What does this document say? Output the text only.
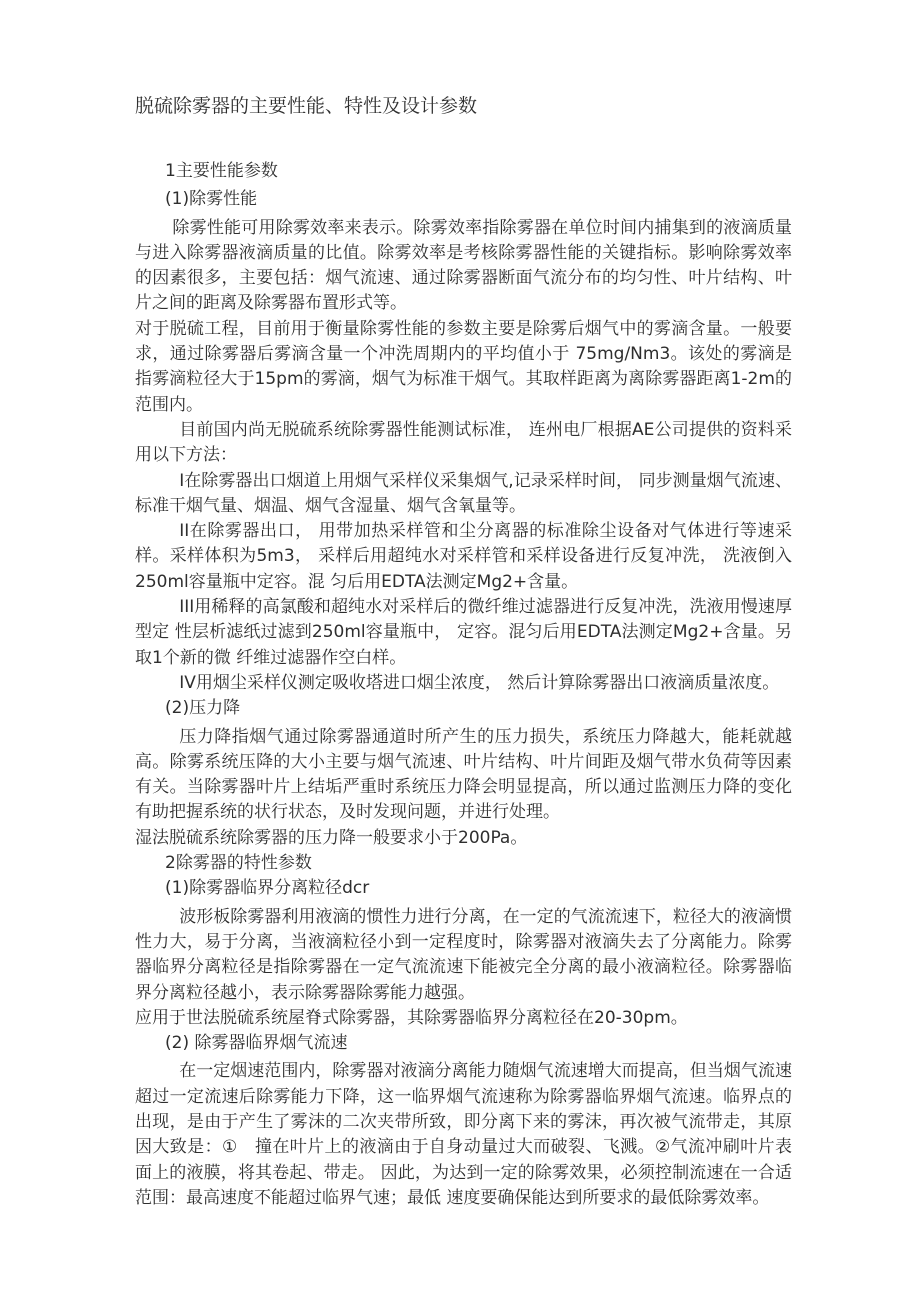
脱硫除雾器的主要性能、特性及设计参数

1主要性能参数

(1)除雾性能

除雾性能可用除雾效率来表示。除雾效率指除雾器在单位时间内捕集到的液滴质量与进入除雾器液滴质量的比值。除雾效率是考核除雾器性能的关键指标。影响除雾效率的因素很多，主要包括：烟气流速、通过除雾器断面气流分布的均匀性、叶片结构、叶片之间的距离及除雾器布置形式等。

对于脱硫工程，目前用于衡量除雾性能的参数主要是除雾后烟气中的雾滴含量。一般要求，通过除雾器后雾滴含量一个冲洗周期内的平均值小于 75mg/Nm3。该处的雾滴是指雾滴粒径大于15pm的雾滴，烟气为标准干烟气。其取样距离为离除雾器距离1-2m的范围内。

目前国内尚无脱硫系统除雾器性能测试标准， 连州电厂根据AE公司提供的资料采用以下方法：

I在除雾器出口烟道上用烟气采样仪采集烟气,记录采样时间， 同步测量烟气流速、标准干烟气量、烟温、烟气含湿量、烟气含氧量等。

II在除雾器出口， 用带加热采样管和尘分离器的标准除尘设备对气体进行等速采样。采样体积为5m3， 采样后用超纯水对采样管和采样设备进行反复冲洗， 洗液倒入250ml容量瓶中定容。混 匀后用EDTA法测定Mg2+含量。

III用稀释的高氯酸和超纯水对采样后的微纤维过滤器进行反复冲洗，洗液用慢速厚型定 性层析滤纸过滤到250ml容量瓶中， 定容。混匀后用EDTA法测定Mg2+含量。另取1个新的微 纤维过滤器作空白样。

IV用烟尘采样仪测定吸收塔进口烟尘浓度， 然后计算除雾器出口液滴质量浓度。

(2)压力降

压力降指烟气通过除雾器通道时所产生的压力损失，系统压力降越大，能耗就越高。除雾系统压降的大小主要与烟气流速、叶片结构、叶片间距及烟气带水负荷等因素有关。当除雾器叶片上结垢严重时系统压力降会明显提高，所以通过监测压力降的变化有助把握系统的状行状态，及时发现问题，并进行处理。

湿法脱硫系统除雾器的压力降一般要求小于200Pa。

2除雾器的特性参数

(1)除雾器临界分离粒径dcr

波形板除雾器利用液滴的惯性力进行分离，在一定的气流流速下，粒径大的液滴惯性力大，易于分离，当液滴粒径小到一定程度时，除雾器对液滴失去了分离能力。除雾器临界分离粒径是指除雾器在一定气流流速下能被完全分离的最小液滴粒径。除雾器临界分离粒径越小，表示除雾器除雾能力越强。

应用于世法脱硫系统屋脊式除雾器，其除雾器临界分离粒径在20-30pm。

(2) 除雾器临界烟气流速

在一定烟速范围内，除雾器对液滴分离能力随烟气流速增大而提高，但当烟气流速超过一定流速后除雾能力下降，这一临界烟气流速称为除雾器临界烟气流速。临界点的出现，是由于产生了雾沫的二次夹带所致，即分离下来的雾沫，再次被气流带走，其原因大致是：①　撞在叶片上的液滴由于自身动量过大而破裂、飞溅。②气流冲刷叶片表面上的液膜，将其卷起、带走。 因此，为达到一定的除雾效果，必须控制流速在一合适范围：最高速度不能超过临界气速；最低 速度要确保能达到所要求的最低除雾效率。
